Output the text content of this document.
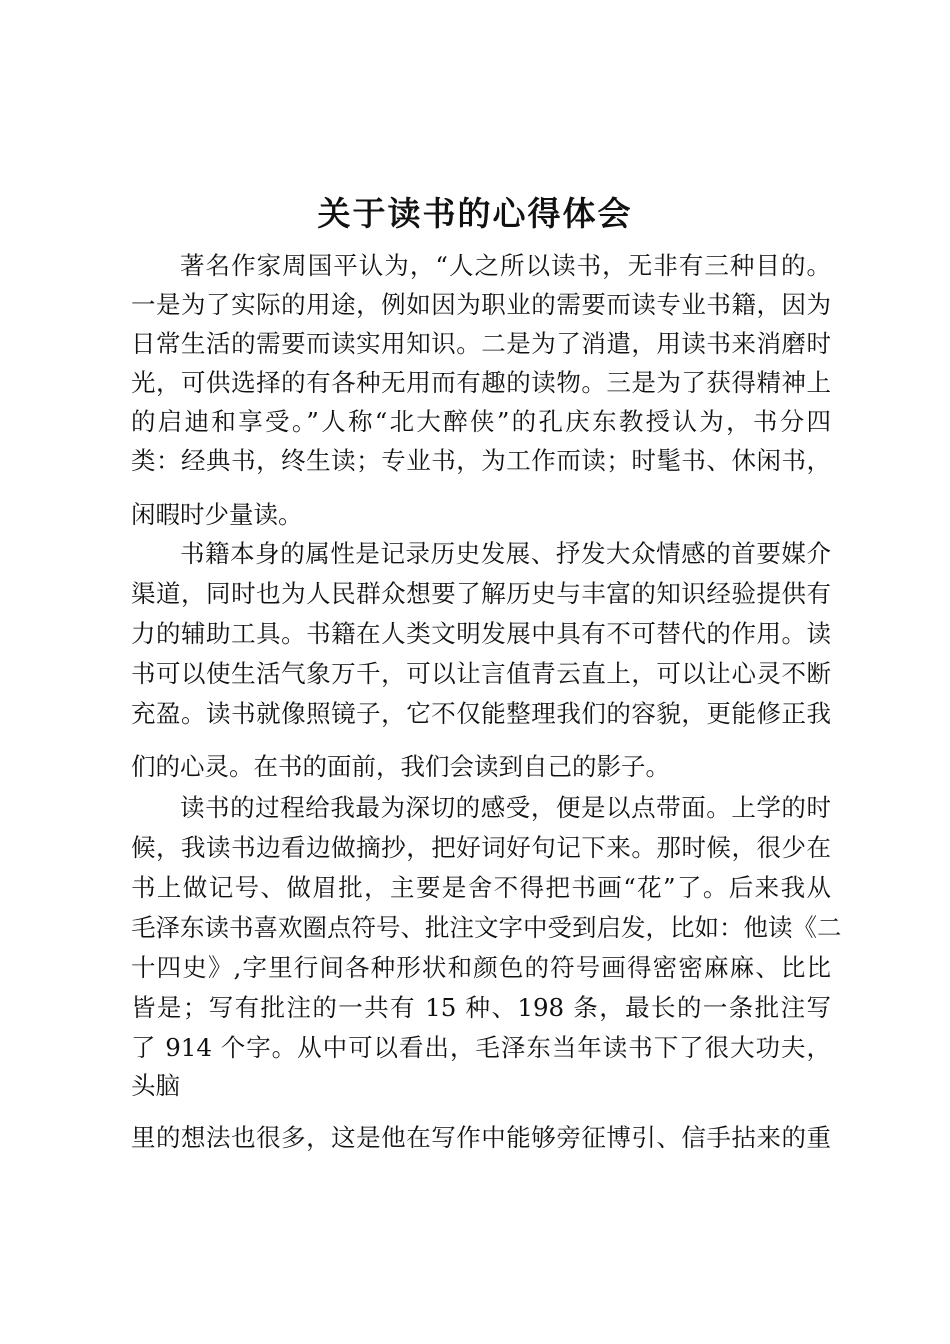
关于读书的心得体会

著名作家周国平认为，“人之所以读书，无非有三种目的。

一是为了实际的用途，例如因为职业的需要而读专业书籍，因为

日常生活的需要而读实用知识。二是为了消遣，用读书来消磨时

光，可供选择的有各种无用而有趣的读物。三是为了获得精神上

的启迪和享受。”人称“北大醉侠”的孔庆东教授认为，书分四

类：经典书，终生读；专业书，为工作而读；时髦书、休闲书，

闲暇时少量读。

书籍本身的属性是记录历史发展、抒发大众情感的首要媒介

渠道，同时也为人民群众想要了解历史与丰富的知识经验提供有

力的辅助工具。书籍在人类文明发展中具有不可替代的作用。读

书可以使生活气象万千，可以让言值青云直上，可以让心灵不断

充盈。读书就像照镜子，它不仅能整理我们的容貌，更能修正我

们的心灵。在书的面前，我们会读到自己的影子。

读书的过程给我最为深切的感受，便是以点带面。上学的时

候，我读书边看边做摘抄，把好词好句记下来。那时候，很少在

书上做记号、做眉批，主要是舍不得把书画“花”了。后来我从

毛泽东读书喜欢圈点符号、批注文字中受到启发，比如：他读《二

十四史》,字里行间各种形状和颜色的符号画得密密麻麻、比比

皆是；写有批注的一共有 15 种、198 条，最长的一条批注写

了 914 个字。从中可以看出，毛泽东当年读书下了很大功夫，

头脑

里的想法也很多，这是他在写作中能够旁征博引、信手拈来的重
